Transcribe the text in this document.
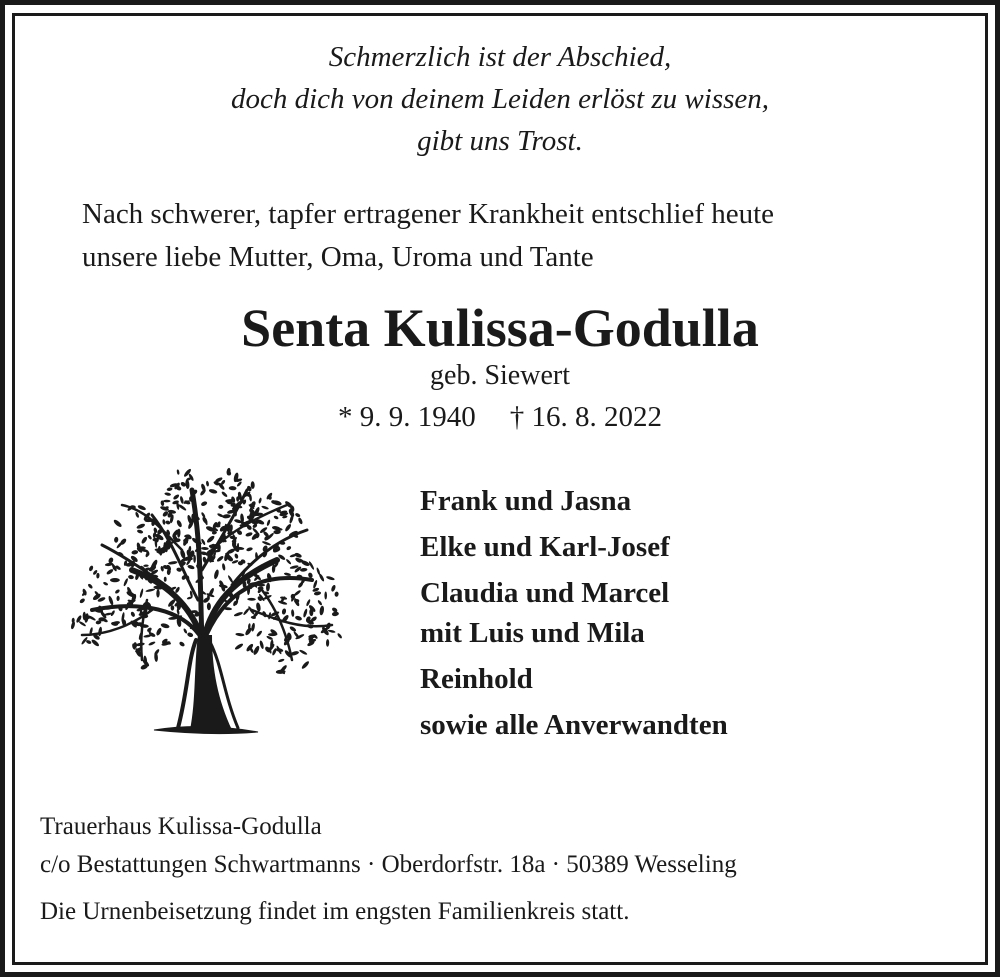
Schmerzlich ist der Abschied,
doch dich von deinem Leiden erlöst zu wissen,
gibt uns Trost.
Nach schwerer, tapfer ertragener Krankheit entschlief heute
unsere liebe Mutter, Oma, Uroma und Tante
Senta Kulissa-Godulla
geb. Siewert
* 9. 9. 1940 † 16. 8. 2022
Frank und Jasna
Elke und Karl-Josef
Claudia und Marcel
mit Luis und Mila
Reinhold
sowie alle Anverwandten
Trauerhaus Kulissa-Godulla
c/o Bestattungen Schwartmanns · Oberdorfstr. 18a · 50389 Wesseling
Die Urnenbeisetzung findet im engsten Familienkreis statt.
